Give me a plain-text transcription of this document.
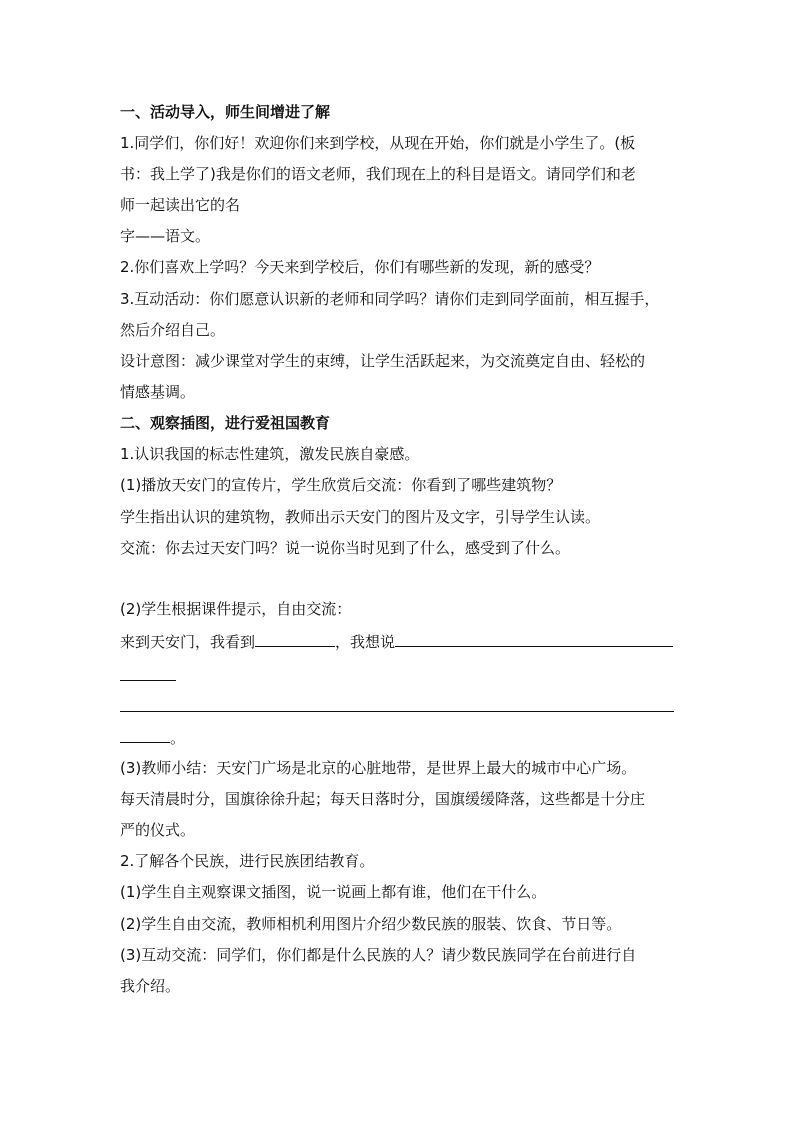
一、活动导入，师生间增进了解
1.同学们，你们好！欢迎你们来到学校，从现在开始，你们就是小学生了。(板
书：我上学了)我是你们的语文老师，我们现在上的科目是语文。请同学们和老
师一起读出它的名
字——语文。
2.你们喜欢上学吗？今天来到学校后，你们有哪些新的发现，新的感受？
3.互动活动：你们愿意认识新的老师和同学吗？请你们走到同学面前，相互握手，
然后介绍自己。
设计意图：减少课堂对学生的束缚，让学生活跃起来，为交流奠定自由、轻松的
情感基调。
二、观察插图，进行爱祖国教育
1.认识我国的标志性建筑，激发民族自豪感。
(1)播放天安门的宣传片，学生欣赏后交流：你看到了哪些建筑物？
学生指出认识的建筑物，教师出示天安门的图片及文字，引导学生认读。
交流：你去过天安门吗？说一说你当时见到了什么，感受到了什么。
(2)学生根据课件提示，自由交流：
来到天安门，我看到	，我想说
。
(3)教师小结：天安门广场是北京的心脏地带，是世界上最大的城市中心广场。
每天清晨时分，国旗徐徐升起；每天日落时分，国旗缓缓降落，这些都是十分庄
严的仪式。
2.了解各个民族，进行民族团结教育。
(1)学生自主观察课文插图，说一说画上都有谁，他们在干什么。
(2)学生自由交流，教师相机利用图片介绍少数民族的服装、饮食、节日等。
(3)互动交流：同学们，你们都是什么民族的人？请少数民族同学在台前进行自
我介绍。
